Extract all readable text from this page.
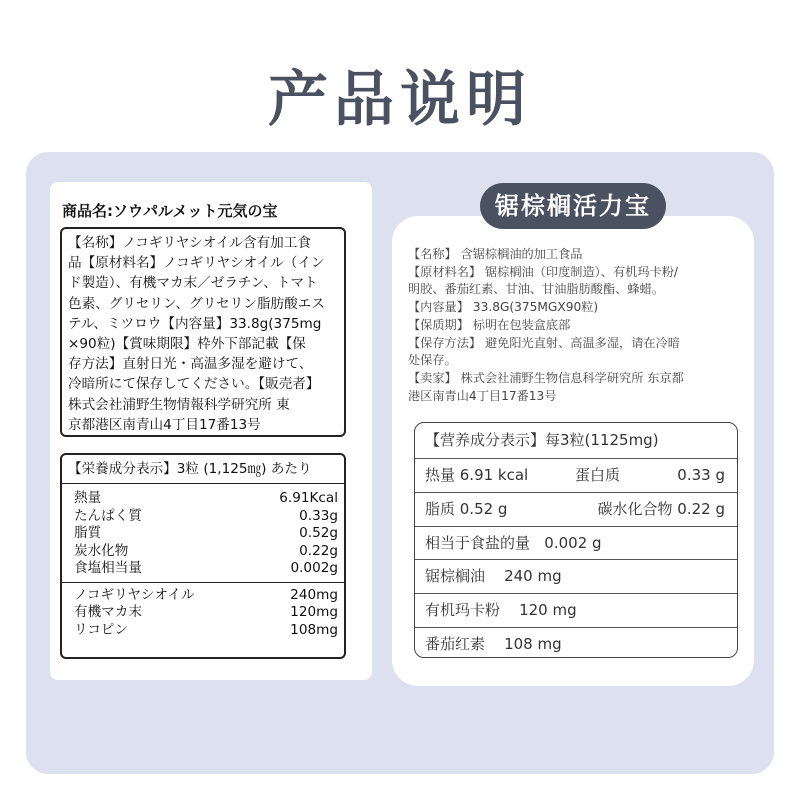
产品说明
商品名:ソウパルメット元気の宝

【名称】ノコギリヤシオイル含有加工食

品【原材料名】ノコギリヤシオイル（イン

ド製造）、有機マカ末／ゼラチン、トマト

色素、グリセリン、グリセリン脂肪酸エス

テル、ミツロウ【内容量】33.8g(375mg

×90粒)【賞味期限】枠外下部記載【保

存方法】直射日光・高温多湿を避けて、

冷暗所にて保存してください。【販売者】

株式会社浦野生物情報科学研究所 東

京都港区南青山4丁目17番13号

【栄養成分表示】3粒 (1,125㎎) あたり
熱量	6.91Kcal
たんぱく質	0.33g
脂質	0.52g
炭水化物	0.22g
食塩相当量	0.002g
ノコギリヤシオイル	240mg
有機マカ末	120mg
リコピン	108mg
锯棕榈活力宝

【名称】 含锯棕榈油的加工食品

【原材料名】 锯棕榈油（印度制造）、有机玛卡粉/

明胶、番茄红素、甘油、甘油脂肪酸酯、蜂蜡。

【内容量】 33.8G(375MGX90粒)

【保质期】 标明在包装盒底部

【保存方法】 避免阳光直射、高温多湿，请在冷暗

处保存。

【卖家】 株式会社浦野生物信息科学研究所 东京都

港区南青山4丁目17番13号

【营养成分表示】每3粒(1125mg)
热量 6.91 kcal	蛋白质	0.33 g
脂质 0.52 g	碳水化合物 0.22 g
相当于食盐的量   0.002 g
锯棕榈油    240 mg
有机玛卡粉    120 mg
番茄红素    108 mg
